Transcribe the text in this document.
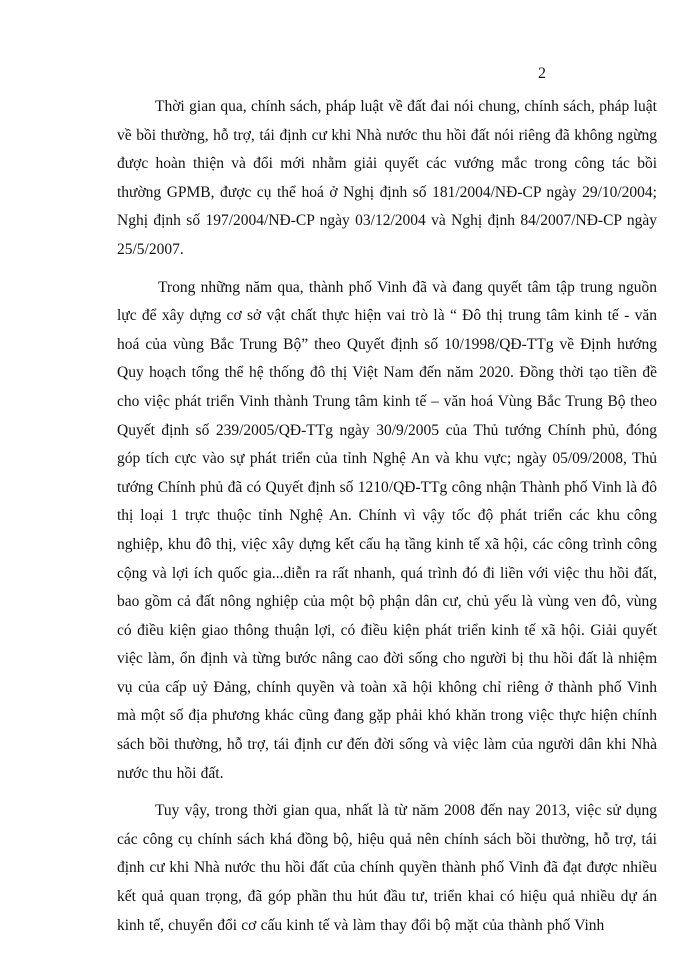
2

Thời gian qua, chính sách, pháp luật về đất đai nói chung, chính sách, pháp luật về bồi thường, hỗ trợ, tái định cư khi Nhà nước thu hồi đất nói riêng đã không ngừng được hoàn thiện và đổi mới nhằm giải quyết các vướng mắc trong công tác bồi thường GPMB, được cụ thể hoá ở Nghị định số 181/2004/NĐ-CP ngày 29/10/2004; Nghị định số 197/2004/NĐ-CP ngày 03/12/2004 và Nghị định 84/2007/NĐ-CP ngày 25/5/2007.

Trong những năm qua, thành phố Vinh đã và đang quyết tâm tập trung nguồn lực để xây dựng cơ sở vật chất thực hiện vai trò là “ Đô thị trung tâm kinh tế - văn hoá của vùng Bắc Trung Bộ” theo Quyết định số 10/1998/QĐ-TTg về Định hướng Quy hoạch tổng thể hệ thống đô thị Việt Nam đến năm 2020. Đồng thời tạo tiền đề cho việc phát triển Vinh thành Trung tâm kinh tế – văn hoá Vùng Bắc Trung Bộ theo Quyết định số 239/2005/QĐ-TTg ngày 30/9/2005 của Thủ tướng Chính phủ, đóng góp tích cực vào sự phát triển của tỉnh Nghệ An và khu vực; ngày 05/09/2008, Thủ tướng Chính phủ đã có Quyết định số 1210/QĐ-TTg công nhận Thành phố Vinh là đô thị loại 1 trực thuộc tỉnh Nghệ An. Chính vì vậy tốc độ phát triển các khu công nghiệp, khu đô thị, việc xây dựng kết cấu hạ tầng kinh tế xã hội, các công trình công cộng và lợi ích quốc gia...diễn ra rất nhanh, quá trình đó đi liền với việc thu hồi đất, bao gồm cả đất nông nghiệp của một bộ phận dân cư, chủ yếu là vùng ven đô, vùng có điều kiện giao thông thuận lợi, có điều kiện phát triển kinh tế xã hội. Giải quyết việc làm, ổn định và từng bước nâng cao đời sống cho người bị thu hồi đất là nhiệm vụ của cấp uỷ Đảng, chính quyền và toàn xã hội không chỉ riêng ở thành phố Vinh mà một số địa phương khác cũng đang gặp phải khó khăn trong việc thực hiện chính sách bồi thường, hỗ trợ, tái định cư đến đời sống và việc làm của người dân khi Nhà nước thu hồi đất.

Tuy vậy, trong thời gian qua, nhất là từ năm 2008 đến nay 2013, việc sử dụng các công cụ chính sách khá đồng bộ, hiệu quả nên chính sách bồi thường, hỗ trợ, tái định cư khi Nhà nước thu hồi đất của chính quyền thành phố Vinh đã đạt được nhiều kết quả quan trọng, đã góp phần thu hút đầu tư, triển khai có hiệu quả nhiều dự án kinh tế, chuyển đổi cơ cấu kinh tế và làm thay đổi bộ mặt của thành phố Vinh
